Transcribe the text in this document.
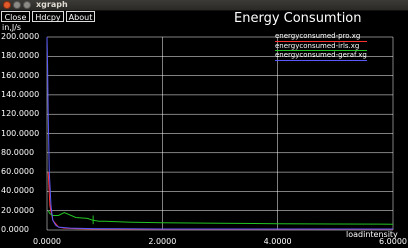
xgraph
Close	Hdcpy	About	Energy Consumtion
energyconsumed-pro.xg
energyconsumed-irls.xg
energyconsumed-geraf.xg
0.0000
20.0000
40.0000
60.0000
80.0000
100.0000
120.0000
140.0000
160.0000
180.0000
200.0000
0.0000	2.0000	4.0000	6.0000
in,J/s
loadintensity
